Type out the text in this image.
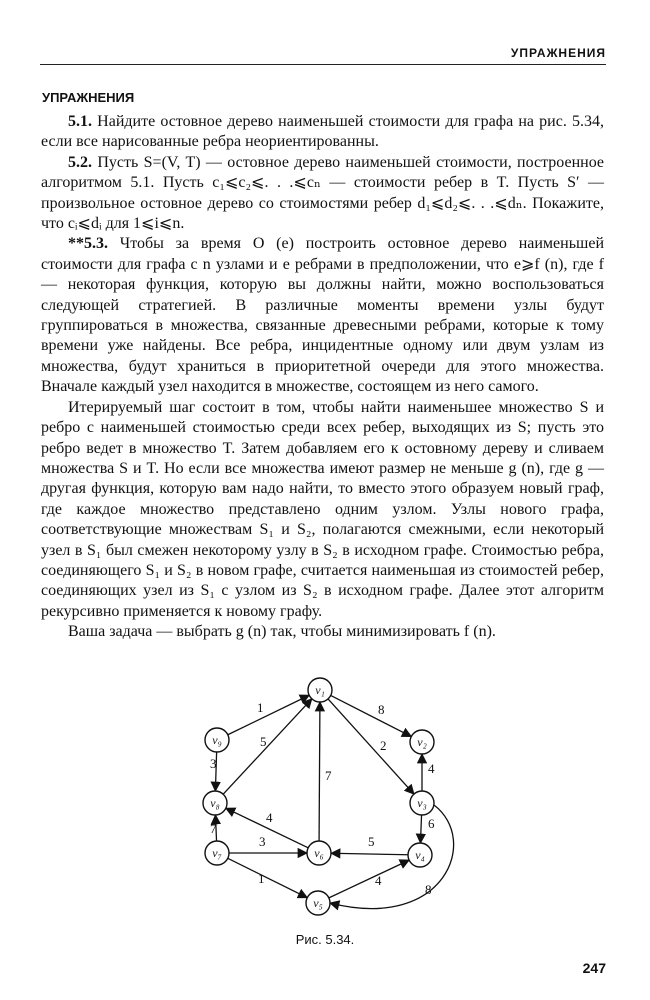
УПРАЖНЕНИЯ
УПРАЖНЕНИЯ

5.1. Найдите остовное дерево наименьшей стоимости для графа на рис. 5.34, если все нарисованные ребра неориентированны.

5.2. Пусть S=(V, T) — остовное дерево наименьшей стоимости, построенное алгоритмом 5.1. Пусть c₁⩽c₂⩽. . .⩽cₙ — стоимости ребер в T. Пусть S′ — произвольное остовное дерево со стоимостями ребер d₁⩽d₂⩽. . .⩽dₙ. Покажите, что cᵢ⩽dᵢ для 1⩽i⩽n.

**5.3. Чтобы за время O (e) построить остовное дерево наименьшей стоимости для графа с n узлами и e ребрами в предположении, что e⩾f (n), где f — некоторая функция, которую вы должны найти, можно воспользоваться следующей стратегией. В различные моменты времени узлы будут группироваться в множества, связанные древесными ребрами, которые к тому времени уже найдены. Все ребра, инцидентные одному или двум узлам из множества, будут храниться в приоритетной очереди для этого множества. Вначале каждый узел находится в множестве, состоящем из него самого.

Итерируемый шаг состоит в том, чтобы найти наименьшее множество S и ребро с наименьшей стоимостью среди всех ребер, выходящих из S; пусть это ребро ведет в множество T. Затем добавляем его к остовному дереву и сливаем множества S и T. Но если все множества имеют размер не меньше g (n), где g — другая функция, которую вам надо найти, то вместо этого образуем новый граф, где каждое множество представлено одним узлом. Узлы нового графа, соответствующие множествам S₁ и S₂, полагаются смежными, если некоторый узел в S₁ был смежен некоторому узлу в S₂ в исходном графе. Стоимостью ребра, соединяющего S₁ и S₂ в новом графе, считается наименьшая из стоимостей ребер, соединяющих узел из S₁ с узлом из S₂ в исходном графе. Далее этот алгоритм рекурсивно применяется к новому графу.

Ваша задача — выбрать g (n) так, чтобы минимизировать f (n).

1	8
5	2
3
7	4
4	6
7
3	5
1	4
8
v₁
v₂
v₃
v₄
v₅
v₆
v₇
v₈
v₉
Рис. 5.34.
247
